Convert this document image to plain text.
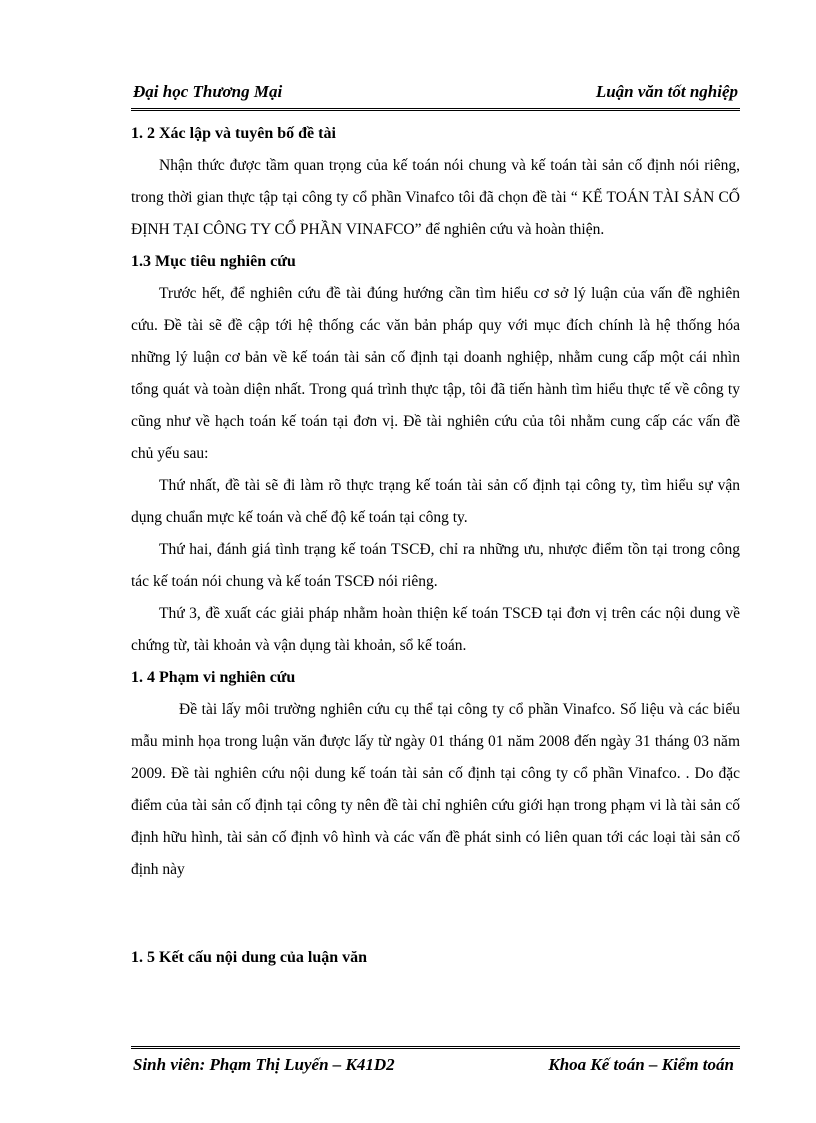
Đại học Thương Mại	Luận văn tốt nghiệp
1. 2 Xác lập và tuyên bố đề tài

Nhận thức được tầm quan trọng của kế toán nói chung và kế toán tài sản cố định nói riêng, trong thời gian thực tập tại công ty cổ phần Vinafco tôi đã chọn đề tài “ KẾ TOÁN TÀI SẢN CỐ ĐỊNH TẠI CÔNG TY CỔ PHẦN VINAFCO” để nghiên cứu và hoàn thiện.

1.3 Mục tiêu nghiên cứu

Trước hết, để nghiên cứu đề tài đúng hướng cần tìm hiểu cơ sở lý luận của vấn đề nghiên cứu. Đề tài sẽ đề cập tới hệ thống các văn bản pháp quy với mục đích chính là hệ thống hóa những lý luận cơ bản về kế toán tài sản cố định tại doanh nghiệp, nhằm cung cấp một cái nhìn tổng quát và toàn diện nhất. Trong quá trình thực tập, tôi đã tiến hành tìm hiểu thực tế về công ty cũng như về hạch toán kế toán tại đơn vị. Đề tài nghiên cứu của tôi nhằm cung cấp các vấn đề chủ yếu sau:

Thứ nhất, đề tài sẽ đi làm rõ thực trạng kế toán tài sản cố định tại công ty, tìm hiểu sự vận dụng chuẩn mực kế toán và chế độ kế toán tại công ty.

Thứ hai, đánh giá tình trạng kế toán TSCĐ, chỉ ra những ưu, nhược điểm tồn tại trong công tác kế toán nói chung và kế toán TSCĐ nói riêng.

Thứ 3, đề xuất các giải pháp nhằm hoàn thiện kế toán TSCĐ tại đơn vị trên các nội dung về chứng từ, tài khoản và vận dụng tài khoản, sổ kế toán.

1. 4 Phạm vi nghiên cứu

Đề tài lấy môi trường nghiên cứu cụ thể tại công ty cổ phần Vinafco. Số liệu và các biểu mẫu minh họa trong luận văn được lấy từ ngày 01 tháng 01 năm 2008 đến ngày 31 tháng 03 năm 2009. Đề tài nghiên cứu nội dung kế toán tài sản cố định tại công ty cổ phần Vinafco. . Do đặc điểm của tài sản cố định tại công ty nên đề tài chỉ nghiên cứu giới hạn trong phạm vi là tài sản cố định hữu hình, tài sản cố định vô hình và các vấn đề phát sinh có liên quan tới các loại tài sản cố định này

1. 5 Kết cấu nội dung của luận văn
Sinh viên: Phạm Thị Luyến – K41D2	Khoa Kế toán – Kiểm toán
